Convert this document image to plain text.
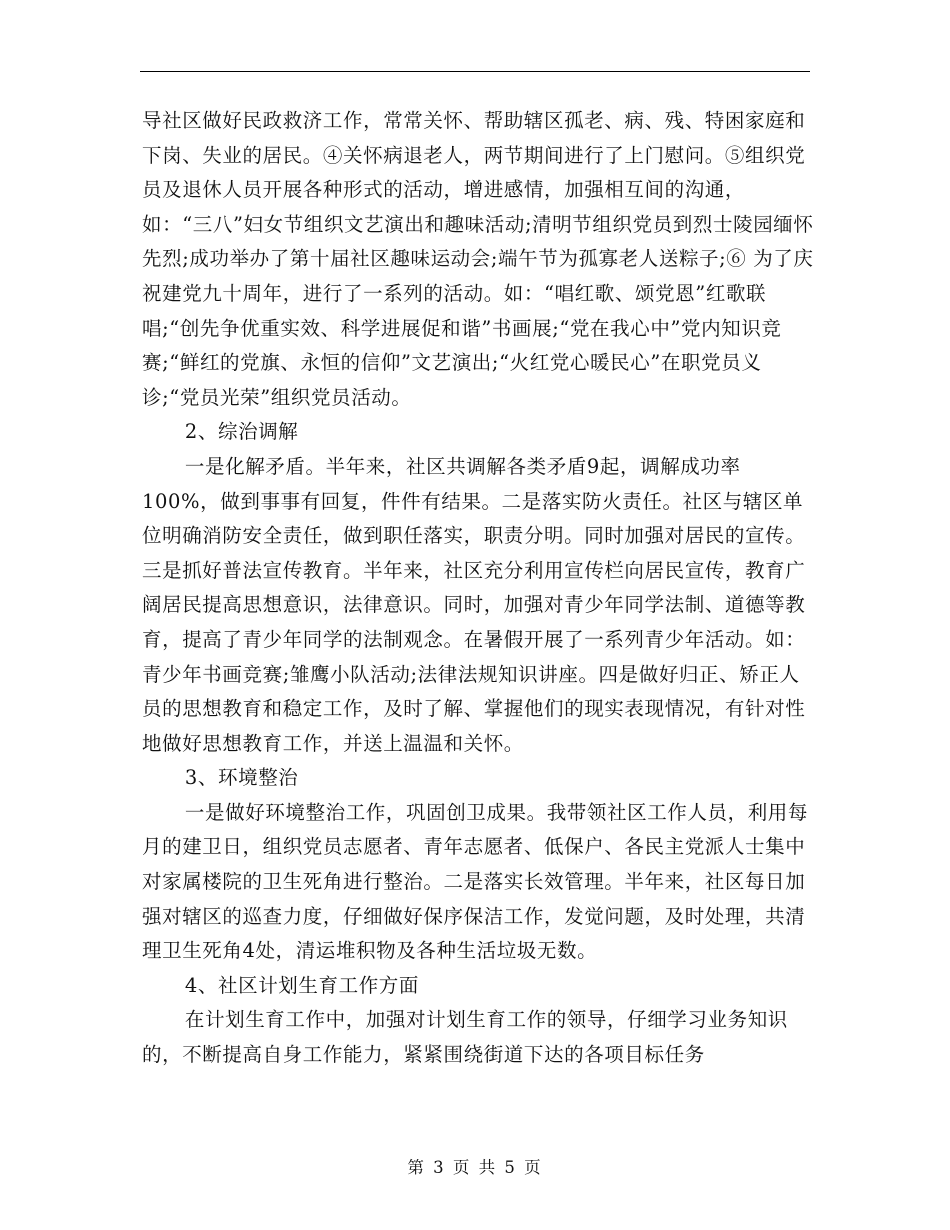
导社区做好民政救济工作，常常关怀、帮助辖区孤老、病、残、特困家庭和下岗、失业的居民。④关怀病退老人，两节期间进行了上门慰问。⑤组织党员及退休人员开展各种形式的活动，增进感情，加强相互间的沟通，如：“三八”妇女节组织文艺演出和趣味活动;清明节组织党员到烈士陵园缅怀先烈;成功举办了第十届社区趣味运动会;端午节为孤寡老人送粽子;⑥ 为了庆祝建党九十周年，进行了一系列的活动。如：“唱红歌、颂党恩”红歌联唱;“创先争优重实效、科学进展促和谐”书画展;“党在我心中”党内知识竞赛;“鲜红的党旗、永恒的信仰”文艺演出;“火红党心暖民心”在职党员义诊;“党员光荣”组织党员活动。

2、综治调解

一是化解矛盾。半年来，社区共调解各类矛盾9起，调解成功率100%，做到事事有回复，件件有结果。二是落实防火责任。社区与辖区单位明确消防安全责任，做到职任落实，职责分明。同时加强对居民的宣传。三是抓好普法宣传教育。半年来，社区充分利用宣传栏向居民宣传，教育广阔居民提高思想意识，法律意识。同时，加强对青少年同学法制、道德等教育，提高了青少年同学的法制观念。在暑假开展了一系列青少年活动。如：青少年书画竞赛;雏鹰小队活动;法律法规知识讲座。四是做好归正、矫正人员的思想教育和稳定工作，及时了解、掌握他们的现实表现情况，有针对性地做好思想教育工作，并送上温温和关怀。

3、环境整治

一是做好环境整治工作，巩固创卫成果。我带领社区工作人员，利用每月的建卫日，组织党员志愿者、青年志愿者、低保户、各民主党派人士集中对家属楼院的卫生死角进行整治。二是落实长效管理。半年来，社区每日加强对辖区的巡查力度，仔细做好保序保洁工作，发觉问题，及时处理，共清理卫生死角4处，清运堆积物及各种生活垃圾无数。

4、社区计划生育工作方面

在计划生育工作中，加强对计划生育工作的领导，仔细学习业务知识的，不断提高自身工作能力，紧紧围绕街道下达的各项目标任务

第 3 页 共 5 页
